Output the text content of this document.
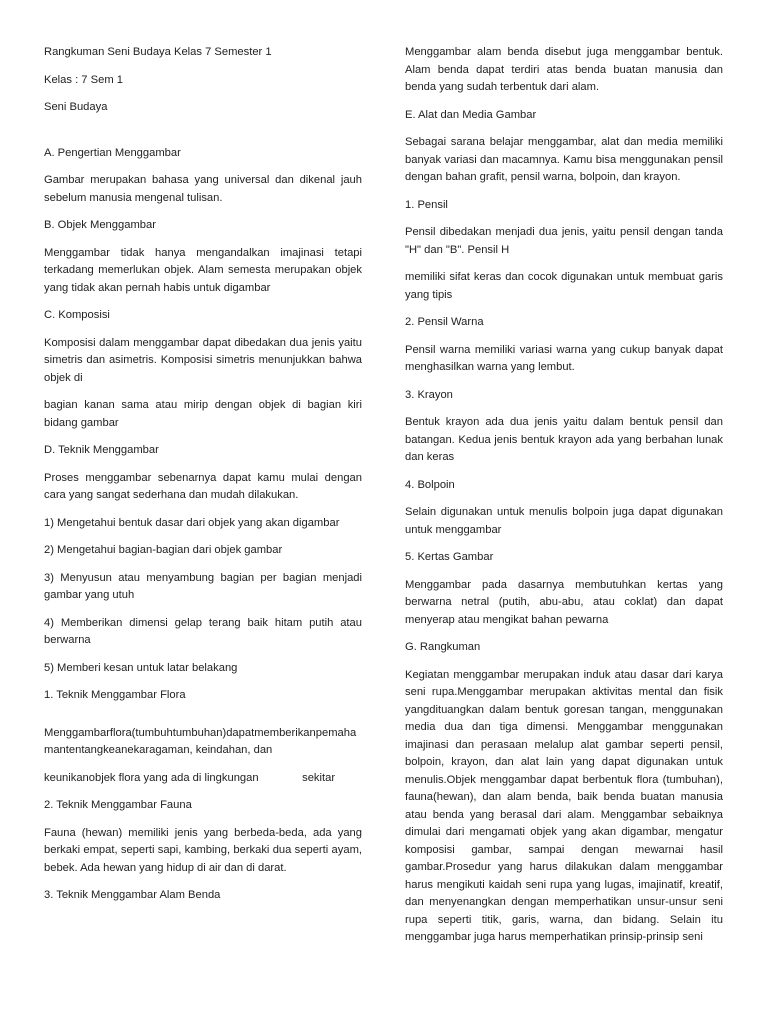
Rangkuman Seni Budaya Kelas 7 Semester 1

Kelas : 7 Sem 1

Seni Budaya

A. Pengertian Menggambar

Gambar merupakan bahasa yang universal dan dikenal jauh sebelum manusia mengenal tulisan.

B. Objek Menggambar

Menggambar tidak hanya mengandalkan imajinasi tetapi terkadang memerlukan objek. Alam semesta merupakan objek yang tidak akan pernah habis untuk digambar

C. Komposisi

Komposisi dalam menggambar dapat dibedakan dua jenis yaitu simetris dan asimetris. Komposisi simetris menunjukkan bahwa objek di

bagian kanan sama atau mirip dengan objek di bagian kiri bidang gambar

D. Teknik Menggambar

Proses menggambar sebenarnya dapat kamu mulai dengan cara yang sangat sederhana dan mudah dilakukan.

1) Mengetahui bentuk dasar dari objek yang akan digambar

2) Mengetahui bagian-bagian dari objek gambar

3) Menyusun atau menyambung bagian per bagian menjadi gambar yang utuh

4) Memberikan dimensi gelap terang baik hitam putih atau berwarna

5) Memberi kesan untuk latar belakang

1. Teknik Menggambar Flora

Menggambarflora(tumbuhtumbuhan)dapatmemberikanpemahamantentangkeanekaragaman, keindahan, dan

keunikanobjek flora yang ada di lingkungan              sekitar

2. Teknik Menggambar Fauna

Fauna (hewan) memiliki jenis yang berbeda-beda, ada yang berkaki empat, seperti sapi, kambing, berkaki dua seperti ayam, bebek. Ada hewan yang hidup di air dan di darat.

3. Teknik Menggambar Alam Benda

Menggambar alam benda disebut juga menggambar bentuk. Alam benda dapat terdiri atas benda buatan manusia dan benda yang sudah terbentuk dari alam.

E. Alat dan Media Gambar

Sebagai sarana belajar menggambar, alat dan media memiliki banyak variasi dan macamnya. Kamu bisa menggunakan pensil dengan bahan grafit, pensil warna, bolpoin, dan krayon.

1. Pensil

Pensil dibedakan menjadi dua jenis, yaitu pensil dengan tanda "H" dan "B". Pensil H

memiliki sifat keras dan cocok digunakan untuk membuat garis yang tipis

2. Pensil Warna

Pensil warna memiliki variasi warna yang cukup banyak dapat menghasilkan warna yang lembut.

3. Krayon

Bentuk krayon ada dua jenis yaitu dalam bentuk pensil dan batangan. Kedua jenis bentuk krayon ada yang berbahan lunak dan keras

4. Bolpoin

Selain digunakan untuk menulis bolpoin juga dapat digunakan untuk menggambar

5. Kertas Gambar

Menggambar pada dasarnya membutuhkan kertas yang berwarna netral (putih, abu-abu, atau coklat) dan dapat menyerap atau mengikat bahan pewarna

G. Rangkuman

Kegiatan menggambar merupakan induk atau dasar dari karya seni rupa.Menggambar merupakan aktivitas mental dan fisik yangdituangkan dalam bentuk goresan tangan, menggunakan media dua dan tiga dimensi. Menggambar menggunakan imajinasi dan perasaan melalup alat gambar seperti pensil, bolpoin, krayon, dan alat lain yang dapat digunakan untuk menulis.Objek menggambar dapat berbentuk flora (tumbuhan), fauna(hewan), dan alam benda, baik benda buatan manusia atau benda yang berasal dari alam. Menggambar sebaiknya dimulai dari mengamati objek yang akan digambar, mengatur komposisi gambar, sampai dengan mewarnai hasil gambar.Prosedur yang harus dilakukan dalam menggambar harus mengikuti kaidah seni rupa yang lugas, imajinatif, kreatif, dan menyenangkan dengan memperhatikan unsur-unsur seni rupa seperti titik, garis, warna, dan bidang. Selain itu menggambar juga harus memperhatikan prinsip-prinsip seni
